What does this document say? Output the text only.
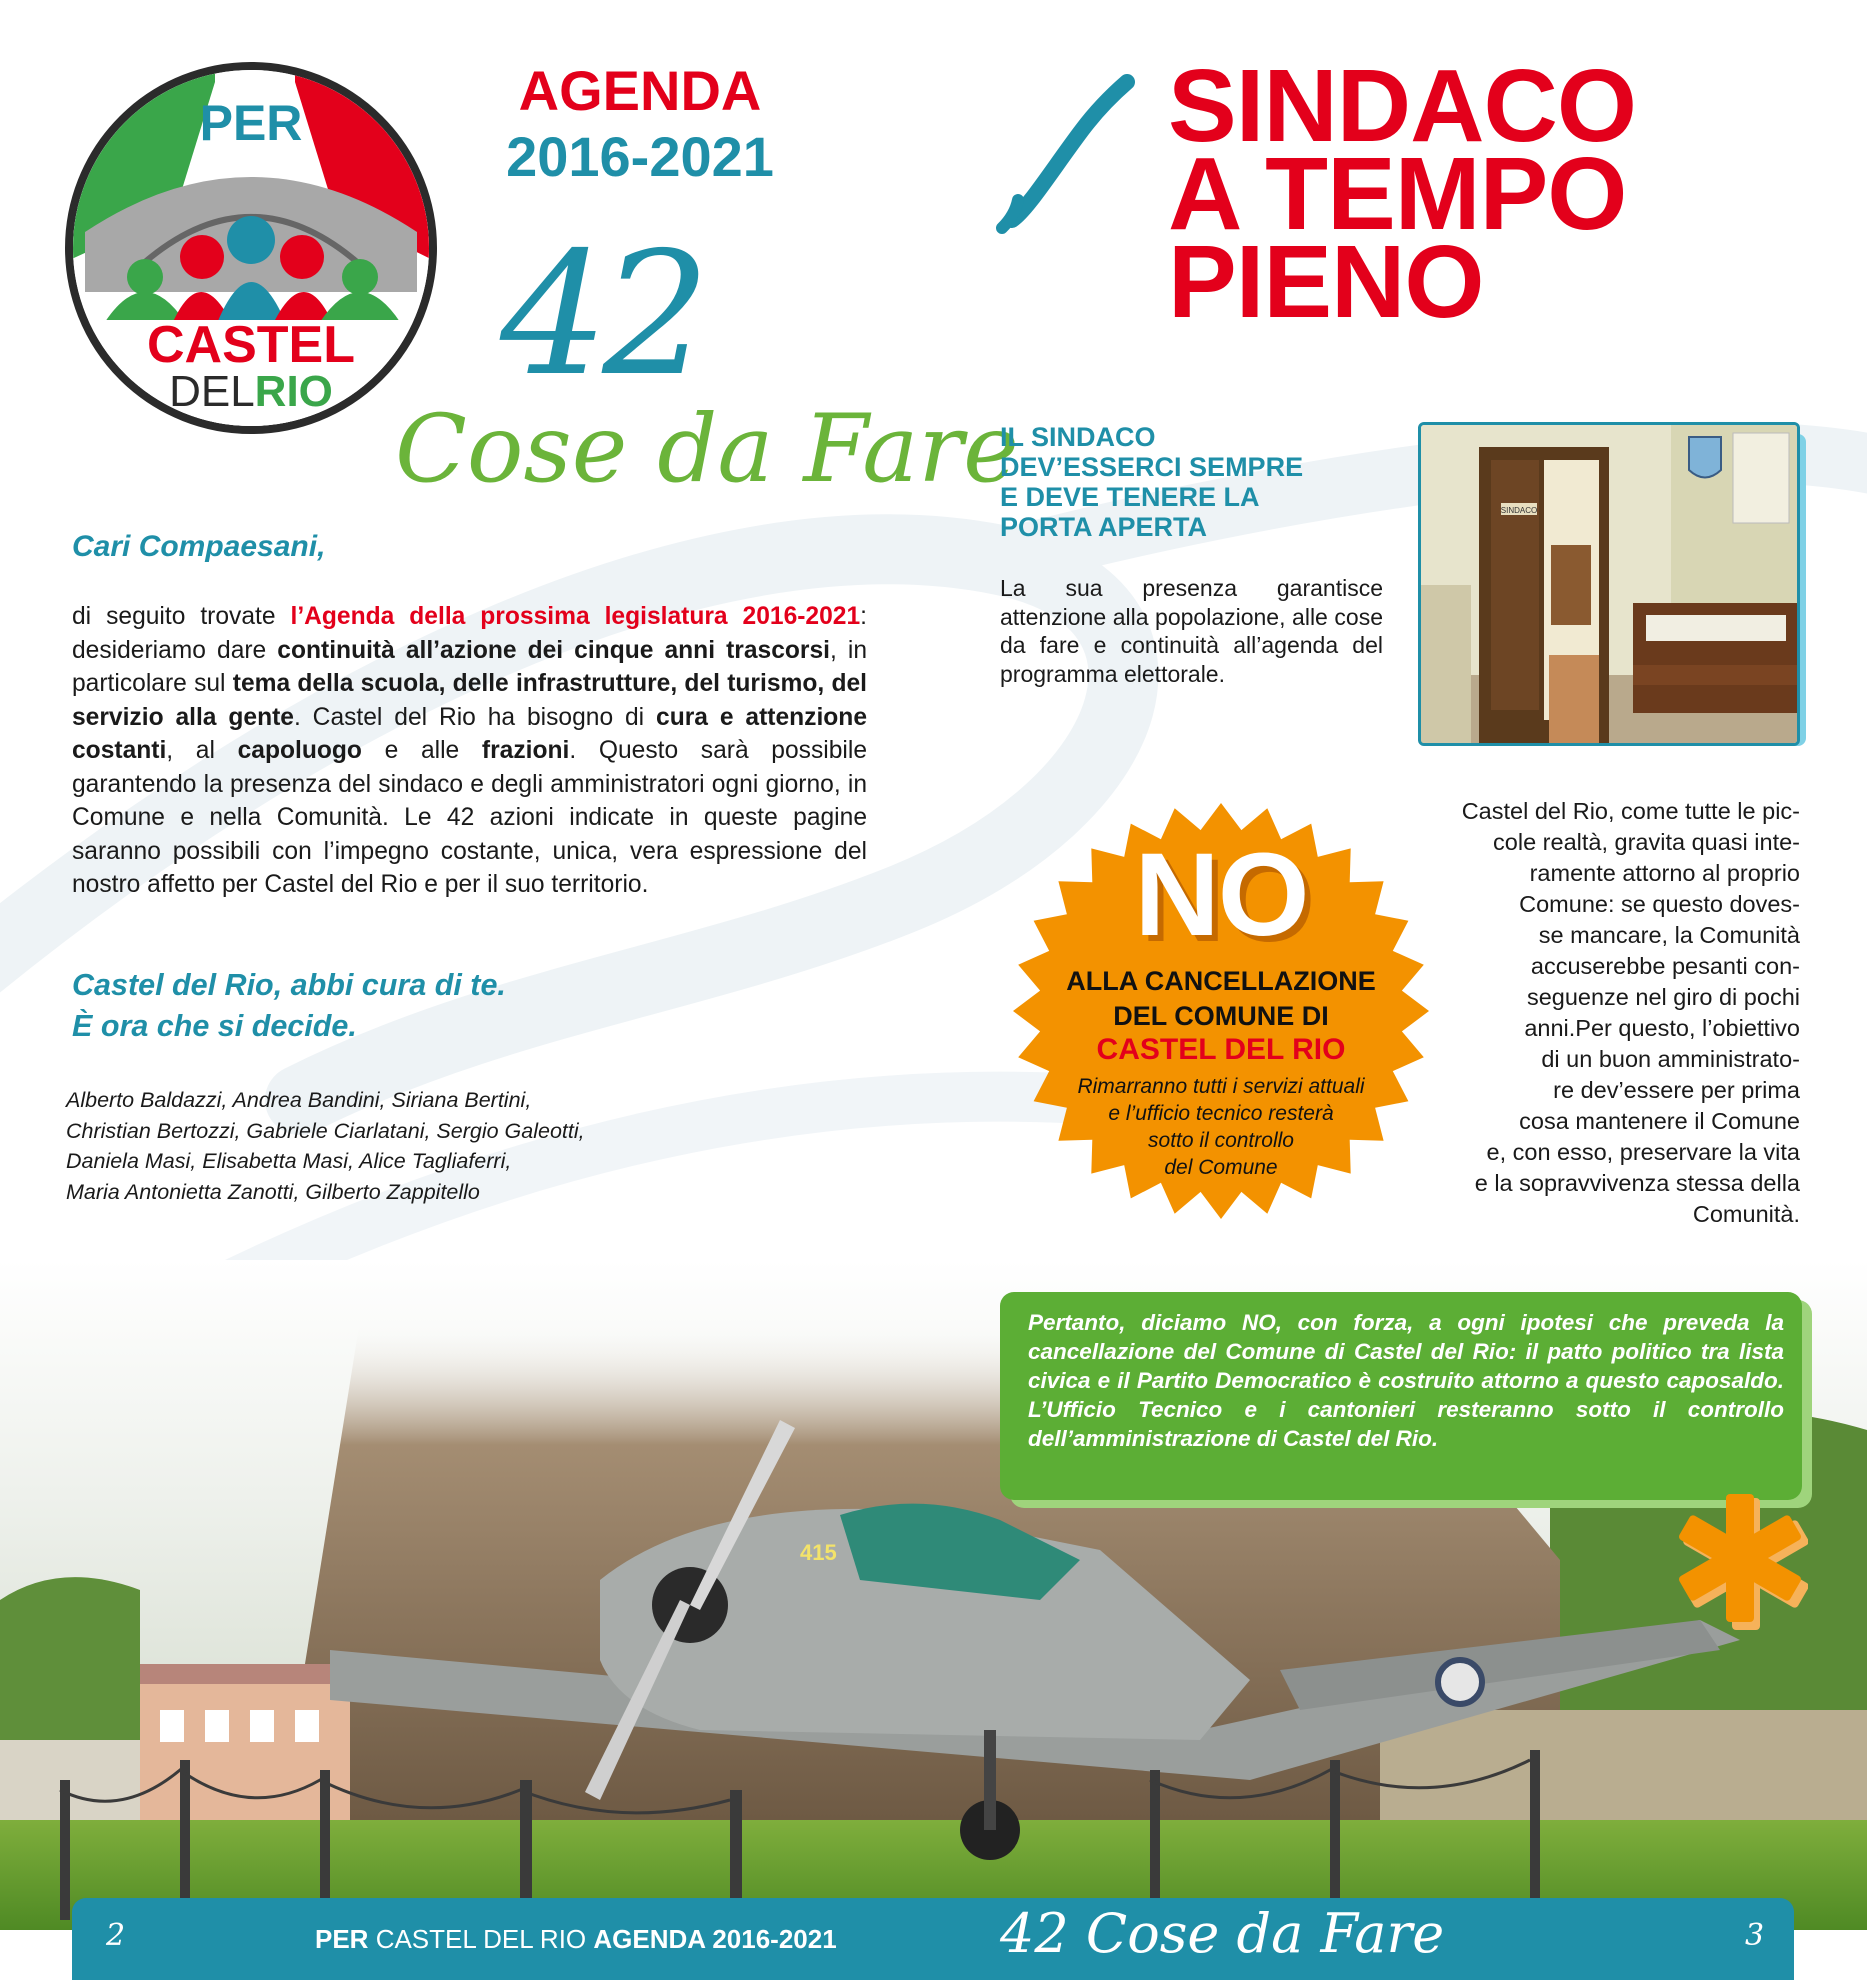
PER
CASTEL
DELRIO
AGENDA
2016-2021
42
Cose da Fare
Cari Compaesani,
di seguito trovate l’Agenda della prossima legislatura 2016-2021: desideriamo dare continuità all’azione dei cinque anni trascorsi, in particolare sul tema della scuola, delle infrastrutture, del turismo, del servizio alla gente. Castel del Rio ha bisogno di cura e attenzione costanti, al capoluogo e alle frazioni. Questo sarà possibile garantendo la presenza del sindaco e degli amministratori ogni giorno, in Comune e nella Comunità. Le 42 azioni indicate in queste pagine saranno possibili con l’impegno costante, unica, vera espressione del nostro affetto per Castel del Rio e per il suo territorio.
Castel del Rio, abbi cura di te.
È ora che si decide.
Alberto Baldazzi, Andrea Bandini, Siriana Bertini,
Christian Bertozzi, Gabriele Ciarlatani, Sergio Galeotti,
Daniela Masi, Elisabetta Masi, Alice Tagliaferri,
Maria Antonietta Zanotti, Gilberto Zappitello
SINDACO
A TEMPO
PIENO
IL SINDACO
DEV’ESSERCI SEMPRE
E DEVE TENERE LA
PORTA APERTA
La sua presenza garantisce attenzione alla popolazione, alle cose da fare e continuità all’agenda del programma elettorale.
SINDACO
NO
ALLA CANCELLAZIONE
DEL COMUNE DI
CASTEL DEL RIO
Rimarranno tutti i servizi attuali
e l’ufficio tecnico resterà
sotto il controllo
del Comune
Castel del Rio, come tutte le pic-
cole realtà, gravita quasi inte-
ramente attorno al proprio
Comune: se questo doves-
se mancare, la Comunità
accuserebbe pesanti con-
seguenze nel giro di pochi
anni.Per questo, l’obiettivo
di un buon amministrato-
re dev’essere per prima
cosa mantenere il Comune
e, con esso, preservare la vita
e la sopravvivenza stessa della
Comunità.
415
Pertanto, diciamo NO, con forza, a ogni ipotesi che preveda la cancellazione del Comune di Castel del Rio: il patto politico tra lista civica e il Partito Democratico è costruito attorno a questo caposaldo. L’Ufficio Tecnico e i cantonieri resteranno sotto il controllo dell’amministrazione di Castel del Rio.
2	PER CASTEL DEL RIO AGENDA 2016-2021	42 Cose da Fare	3
